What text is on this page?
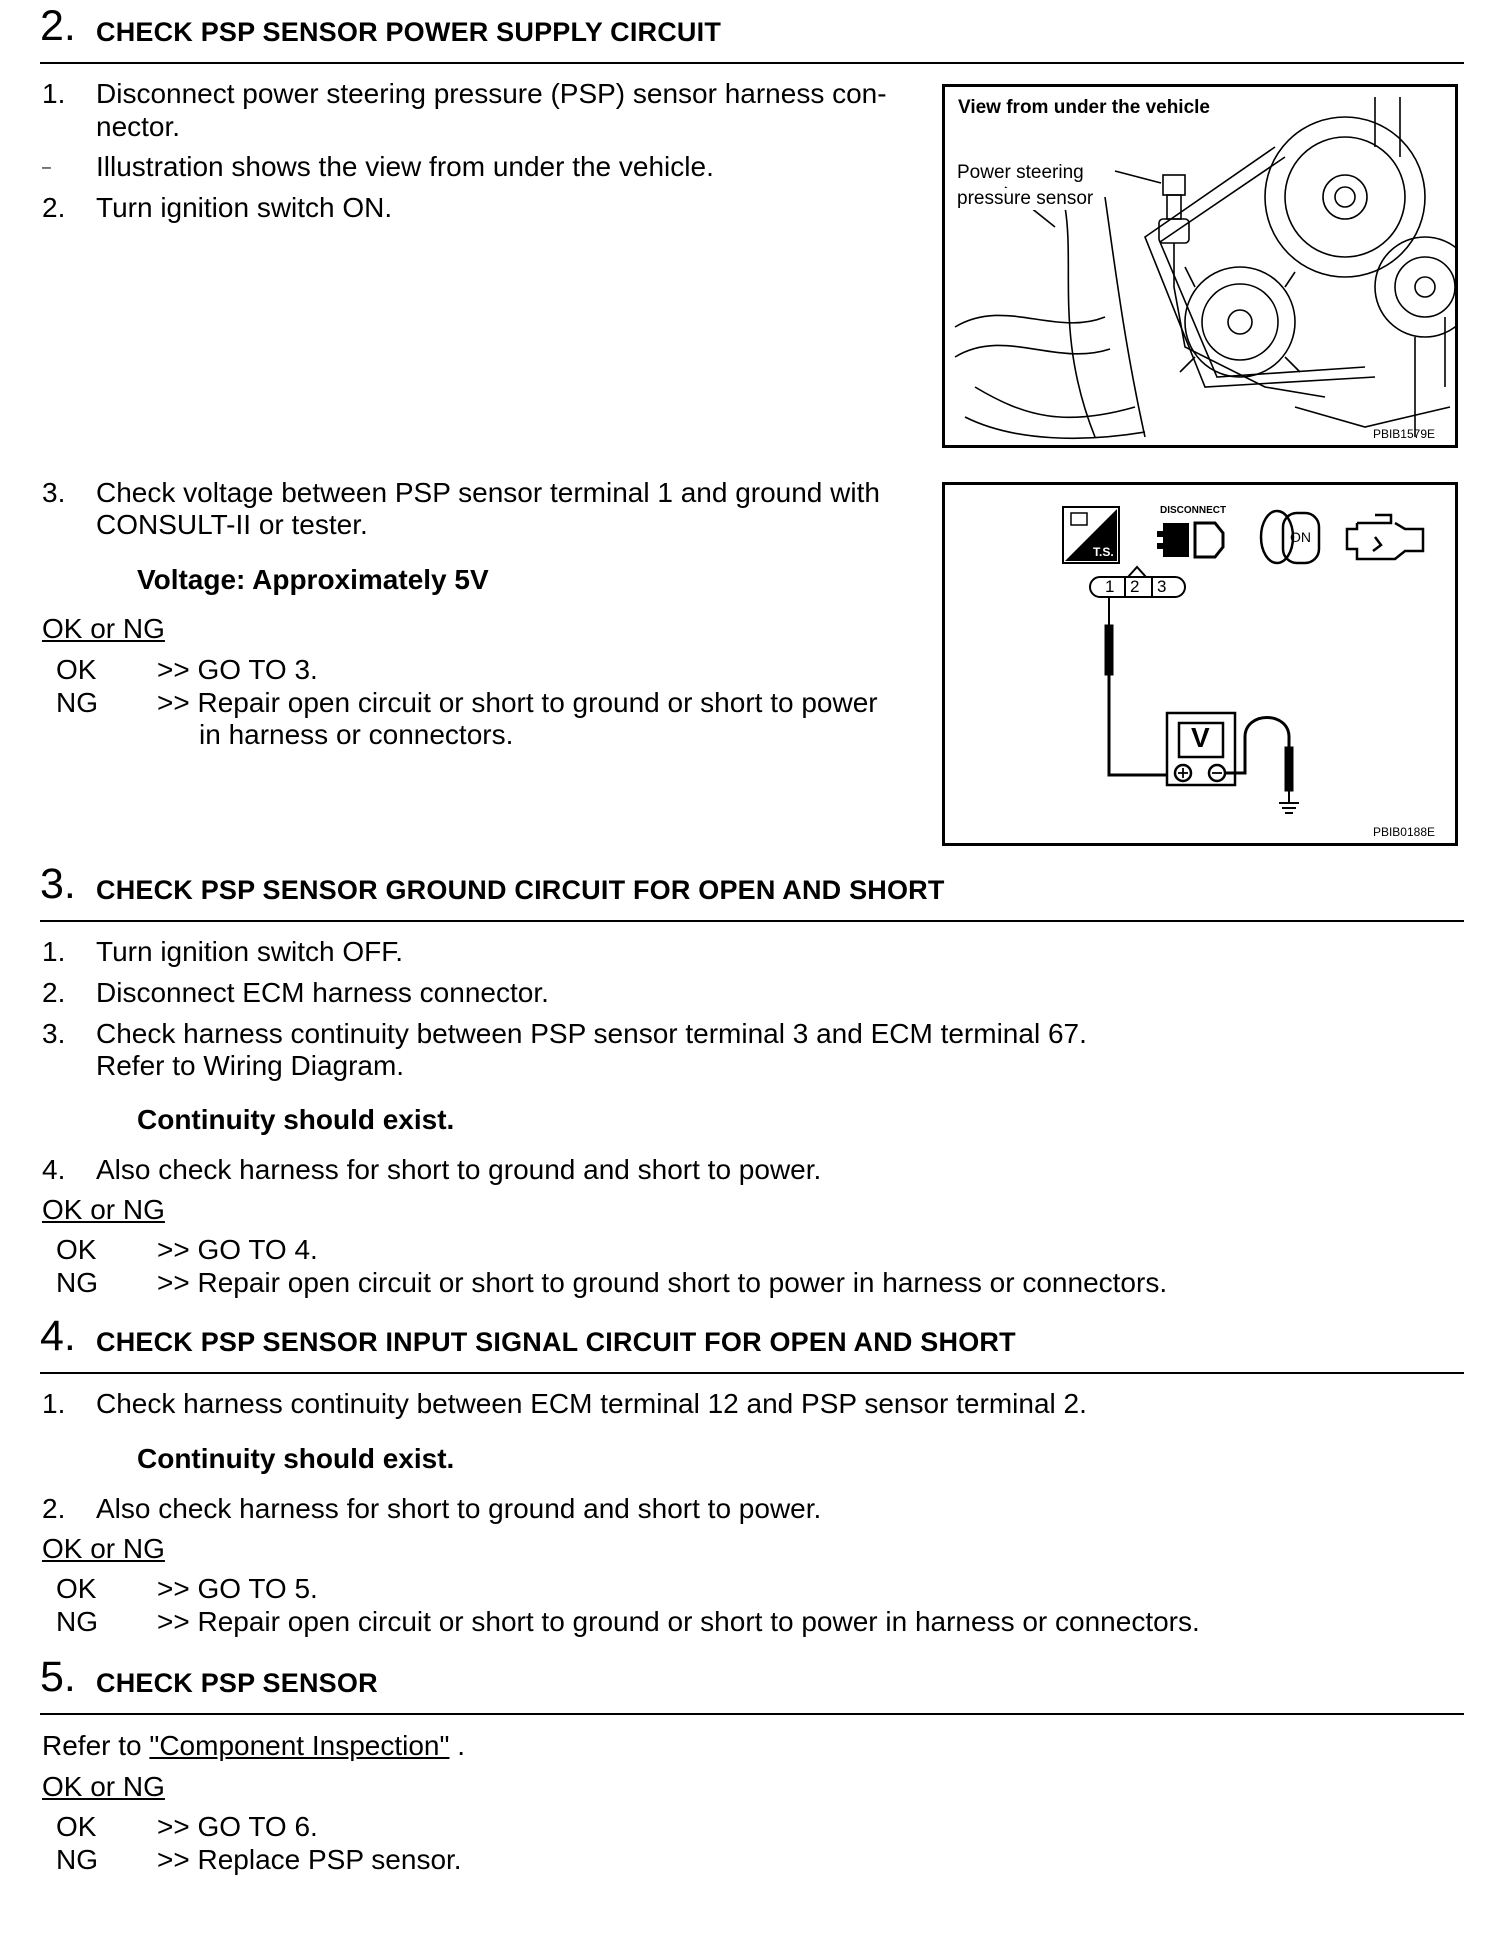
2. CHECK PSP SENSOR POWER SUPPLY CIRCUIT
1. Disconnect power steering pressure (PSP) sensor harness con-
nector.
– Illustration shows the view from under the vehicle.
2. Turn ignition switch ON.
3. Check voltage between PSP sensor terminal 1 and ground with
CONSULT-II or tester.
Voltage: Approximately 5V
OK or NG
OK >> GO TO 3.
NG >> Repair open circuit or short to ground or short to power
in harness or connectors.
View from under the vehicle
Power steering
pressure sensor
PBIB1579E
DISCONNECT
T.S.
ON
1 2 3
V
PBIB0188E
3. CHECK PSP SENSOR GROUND CIRCUIT FOR OPEN AND SHORT
1. Turn ignition switch OFF.
2. Disconnect ECM harness connector.
3. Check harness continuity between PSP sensor terminal 3 and ECM terminal 67.
Refer to Wiring Diagram.
Continuity should exist.
4. Also check harness for short to ground and short to power.
OK or NG
OK >> GO TO 4.
NG >> Repair open circuit or short to ground short to power in harness or connectors.
4. CHECK PSP SENSOR INPUT SIGNAL CIRCUIT FOR OPEN AND SHORT
1. Check harness continuity between ECM terminal 12 and PSP sensor terminal 2.
Continuity should exist.
2. Also check harness for short to ground and short to power.
OK or NG
OK >> GO TO 5.
NG >> Repair open circuit or short to ground or short to power in harness or connectors.
5. CHECK PSP SENSOR
Refer to "Component Inspection" .
OK or NG
OK >> GO TO 6.
NG >> Replace PSP sensor.
